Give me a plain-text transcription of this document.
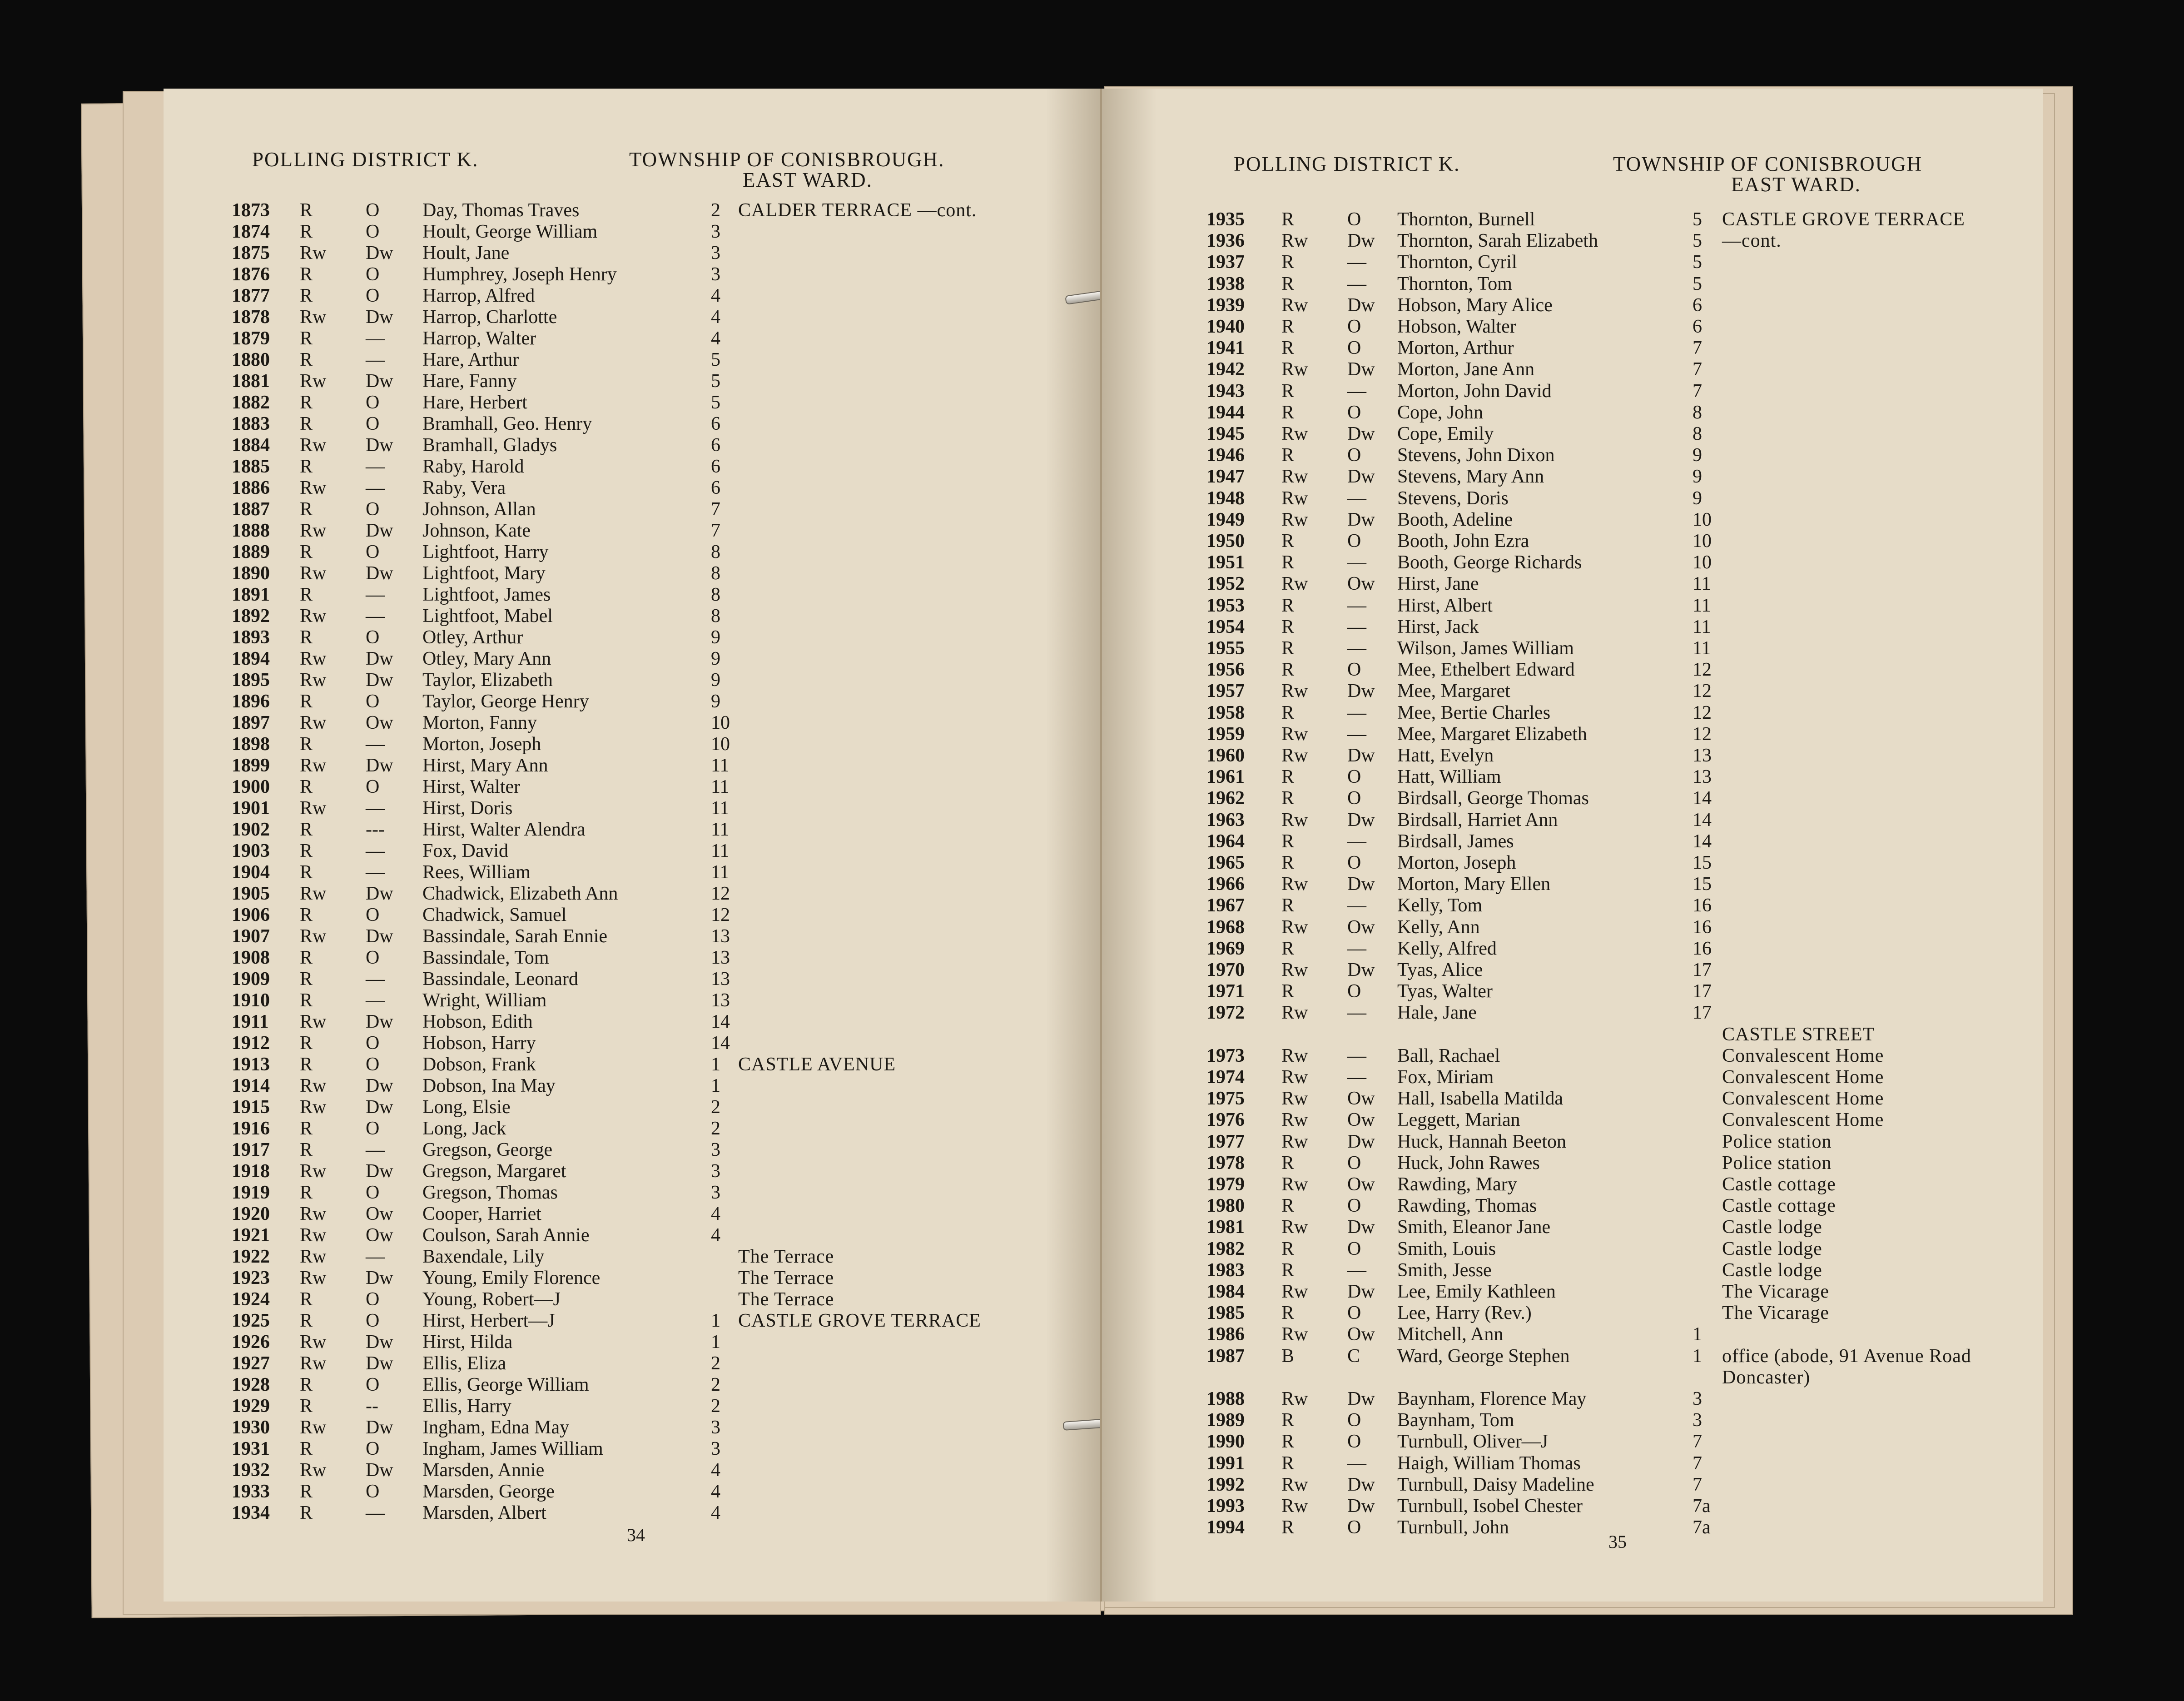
POLLING DISTRICT K.	TOWNSHIP OF CONISBROUGH.
EAST WARD.
1873 R	O Day, Thomas Traves	2 CALDER TERRACE —cont.
1874 R	O Hoult, George William	3
1875 Rw Dw Hoult, Jane	3
1876 R	O Humphrey, Joseph Henry	3
1877 R	O Harrop, Alfred	4
1878 Rw Dw Harrop, Charlotte	4
1879 R	— Harrop, Walter	4
1880 R	— Hare, Arthur	5
1881 Rw Dw Hare, Fanny	5
1882 R	O Hare, Herbert	5
1883 R	O Bramhall, Geo. Henry	6
1884 Rw Dw Bramhall, Gladys	6
1885 R	— Raby, Harold	6
1886 Rw — Raby, Vera	6
1887 R	O Johnson, Allan	7
1888 Rw Dw Johnson, Kate	7
1889 R	O Lightfoot, Harry	8
1890 Rw Dw Lightfoot, Mary	8
1891 R	— Lightfoot, James	8
1892 Rw — Lightfoot, Mabel	8
1893 R	O Otley, Arthur	9
1894 Rw Dw Otley, Mary Ann	9
1895 Rw Dw Taylor, Elizabeth	9
1896 R	O Taylor, George Henry	9
1897 Rw Ow Morton, Fanny	10
1898 R	— Morton, Joseph	10
1899 Rw Dw Hirst, Mary Ann	11
1900 R	O Hirst, Walter	11
1901 Rw — Hirst, Doris	11
1902 R	--- Hirst, Walter Alendra	11
1903 R	— Fox, David	11
1904 R	— Rees, William	11
1905 Rw Dw Chadwick, Elizabeth Ann	12
1906 R	O Chadwick, Samuel	12
1907 Rw Dw Bassindale, Sarah Ennie	13
1908 R	O Bassindale, Tom	13
1909 R	— Bassindale, Leonard	13
1910 R	— Wright, William	13
1911 Rw Dw Hobson, Edith	14
1912 R	O Hobson, Harry	14
1913 R	O Dobson, Frank	1 CASTLE AVENUE
1914 Rw Dw Dobson, Ina May	1
1915 Rw Dw Long, Elsie	2
1916 R	O Long, Jack	2
1917 R	— Gregson, George	3
1918 Rw Dw Gregson, Margaret	3
1919 R	O Gregson, Thomas	3
1920 Rw Ow Cooper, Harriet	4
1921 Rw Ow Coulson, Sarah Annie	4
1922 Rw — Baxendale, Lily	The Terrace
1923 Rw Dw Young, Emily Florence	The Terrace
1924 R	O Young, Robert—J	The Terrace
1925 R	O Hirst, Herbert—J	1 CASTLE GROVE TERRACE
1926 Rw Dw Hirst, Hilda	1
1927 Rw Dw Ellis, Eliza	2
1928 R	O Ellis, George William	2
1929 R	-- Ellis, Harry	2
1930 Rw Dw Ingham, Edna May	3
1931 R	O Ingham, James William	3
1932 Rw Dw Marsden, Annie	4
1933 R	O Marsden, George	4
1934 R	— Marsden, Albert	4
34
POLLING DISTRICT K.	TOWNSHIP OF CONISBROUGH
EAST WARD.
1935 R	O Thornton, Burnell	5 CASTLE GROVE TERRACE
1936 Rw Dw Thornton, Sarah Elizabeth	5 —cont.
1937 R	— Thornton, Cyril	5
1938 R	— Thornton, Tom	5
1939 Rw Dw Hobson, Mary Alice	6
1940 R	O Hobson, Walter	6
1941 R	O Morton, Arthur	7
1942 Rw Dw Morton, Jane Ann	7
1943 R	— Morton, John David	7
1944 R	O Cope, John	8
1945 Rw Dw Cope, Emily	8
1946 R	O Stevens, John Dixon	9
1947 Rw Dw Stevens, Mary Ann	9
1948 Rw — Stevens, Doris	9
1949 Rw Dw Booth, Adeline	10
1950 R	O Booth, John Ezra	10
1951 R	— Booth, George Richards	10
1952 Rw Ow Hirst, Jane	11
1953 R	— Hirst, Albert	11
1954 R	— Hirst, Jack	11
1955 R	— Wilson, James William	11
1956 R	O Mee, Ethelbert Edward	12
1957 Rw Dw Mee, Margaret	12
1958 R	— Mee, Bertie Charles	12
1959 Rw — Mee, Margaret Elizabeth	12
1960 Rw Dw Hatt, Evelyn	13
1961 R	O Hatt, William	13
1962 R	O Birdsall, George Thomas	14
1963 Rw Dw Birdsall, Harriet Ann	14
1964 R	— Birdsall, James	14
1965 R	O Morton, Joseph	15
1966 Rw Dw Morton, Mary Ellen	15
1967 R	— Kelly, Tom	16
1968 Rw Ow Kelly, Ann	16
1969 R	— Kelly, Alfred	16
1970 Rw Dw Tyas, Alice	17
1971 R	O Tyas, Walter	17
1972 Rw — Hale, Jane	17
CASTLE STREET
1973 Rw — Ball, Rachael	Convalescent Home
1974 Rw — Fox, Miriam	Convalescent Home
1975 Rw Ow Hall, Isabella Matilda	Convalescent Home
1976 Rw Ow Leggett, Marian	Convalescent Home
1977 Rw Dw Huck, Hannah Beeton	Police station
1978 R	O Huck, John Rawes	Police station
1979 Rw Ow Rawding, Mary	Castle cottage
1980 R	O Rawding, Thomas	Castle cottage
1981 Rw Dw Smith, Eleanor Jane	Castle lodge
1982 R	O Smith, Louis	Castle lodge
1983 R	— Smith, Jesse	Castle lodge
1984 Rw Dw Lee, Emily Kathleen	The Vicarage
1985 R	O Lee, Harry (Rev.)	The Vicarage
1986 Rw Ow Mitchell, Ann	1
1987 B	C Ward, George Stephen	1 office (abode, 91 Avenue Road
Doncaster)
1988 Rw Dw Baynham, Florence May	3
1989 R	O Baynham, Tom	3
1990 R	O Turnbull, Oliver—J	7
1991 R	— Haigh, William Thomas	7
1992 Rw Dw Turnbull, Daisy Madeline	7
1993 Rw Dw Turnbull, Isobel Chester	7a
1994 R	O Turnbull, John	7a
35
